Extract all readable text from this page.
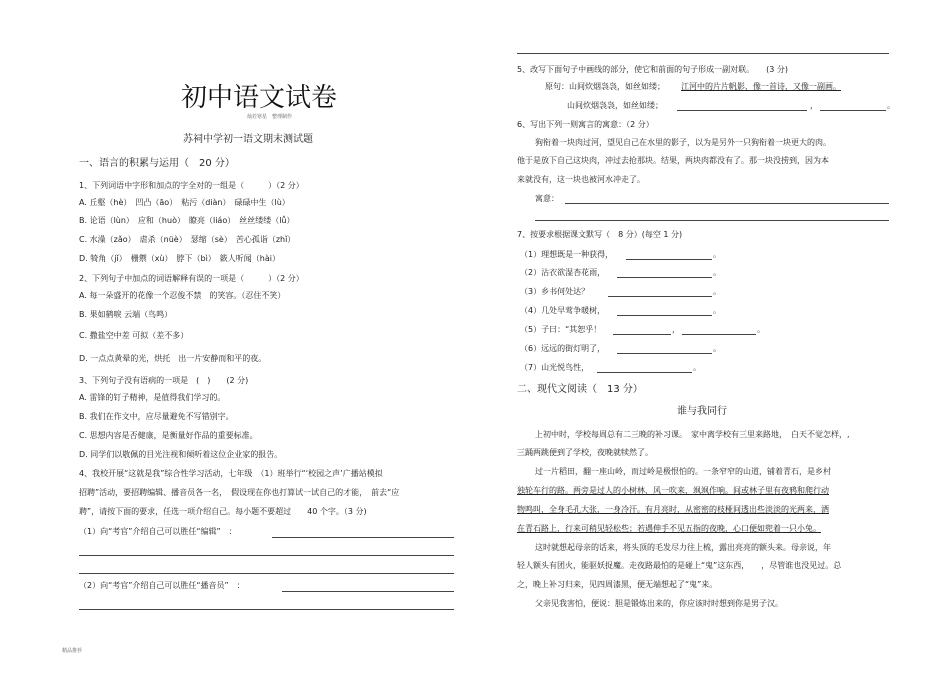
初中语文试卷
灿若寒星　整理制作
苏祠中学初一语文期末测试题
一、语言的积累与运用（　20 分）
1、下列词语中字形和加点的字全对的一组是（　　　）（2 分）
A. 丘壑（hè）　凹凸（āo）　粘污（diàn）　碌碌中生（lù）
B. 论语（lùn）　应和（huò）　瞭亮（liáo）　丝丝缕缕（lǚ）
C. 水澡（zǎo）　虐杀（nüè）　瑟缩（sè）　苦心孤诣（zhǐ）
D. 犄角（jǐ）　栅禦（xù）　脖下（bì）　簌人听闻（hài）
2、下列句子中加点的词语解释有误的一项是（　　　）（2 分）
A. 每一朵盛开的花像一个忍俊不禁　的笑容。（忍住不笑）
B. 果如鹤唳 云端（鸟鸣）
C. 撒盐空中差 可拟（差不多）
D. 一点点黄晕的光，烘托　出一片安静而和平的夜。
3、下列句子没有语病的一项是　(　)　　(2 分)
A. 雷锋的钉子精神，是值得我们学习的。
B. 我们在作文中，应尽量避免不写错别字。
C. 思想内容是否健康，是衡量好作品的重要标准。
D. 同学们以敬佩的目光注视和倾听着这位企业家的报告。
4、我校开展“这就是我”综合性学习活动，七年级　（1）班举行“‘校园之声’广播站模拟
招聘”活动，要招聘编辑、播音员各一名，　假设现在你也打算试一试自己的才能，　前去“应
聘”，请按下面的要求，任选一项介绍自己。每小题不要超过　　40 个字。（3 分)
（1）向“考官”介绍自己可以胜任“编辑”　：
（2）向“考官”介绍自己可以胜任“播音员”　：
精品推荐
5、改写下面句子中画线的部分，使它和前面的句子形成一副对联。　　(3 分)
原句：山间炊烟袅袅，如丝如缕； 江河中的片片帆影，像一首诗，又像一副画。
山间炊烟袅袅，如丝如缕；	，	。
6、写出下列一则寓言的寓意：（2 分）
狗衔着一块肉过河，望见自己在水里的影子，以为是另外一只狗衔着一块更大的肉。
他于是放下自己这块肉，冲过去抢那块。结果，两块肉都没有了。那一块没捞到，因为本
来就没有，这一块也被河水冲走了。
寓意：
7、按要求根据课文默写（　8 分）(每空 1 分)
（1）理想既是一种获得，	。
（2）沾衣欲湿杏花雨，	。
（3）乡书何处达？	。
（4）几处早莺争暖树，	。
（5）子曰：“其恕乎！	，	。
（6）远远的街灯明了，	。
（7）山光悦鸟性，	。
二、现代文阅读（　13 分）
谁与我同行
上初中时，学校每周总有二三晚的补习课。　家中离学校有三里来路地，　白天不觉怎样，,
三踊两跳便到了学校，夜晚就犊然了。
过一片稻田，翻一座山岭，而过岭是极恨怕的。一条窄窄的山道，铺着青石，是乡村
独轮车行的路。两旁是过人的小树林，风一吹来，飒飒作响。间或林子里有夜鸦和爬行动
物鸣叫，全身毛孔大张，一身冷汗。有月亮时，从密密的枝桠间透出些淡淡的光两来，洒
在青石路上，行来可稍见轻松些；若遇伸手不见五指的夜晚，心口便如兜着一只小兔。
这时就想起母亲的话来，将头顶的毛发尽力往上梳，露出亮亮的额头来。母亲说，年
轻人额头有团火，能驱妖捉魔。走夜路最怕的是碰上“鬼”这东西，　　，尽管谁也没见过。总
之，晚上补习归来，见四周漆黑，便无端想起了“鬼”来。
父亲见我害怕，便说：胆是锻炼出来的，你应该时时想到你是男子汉。
